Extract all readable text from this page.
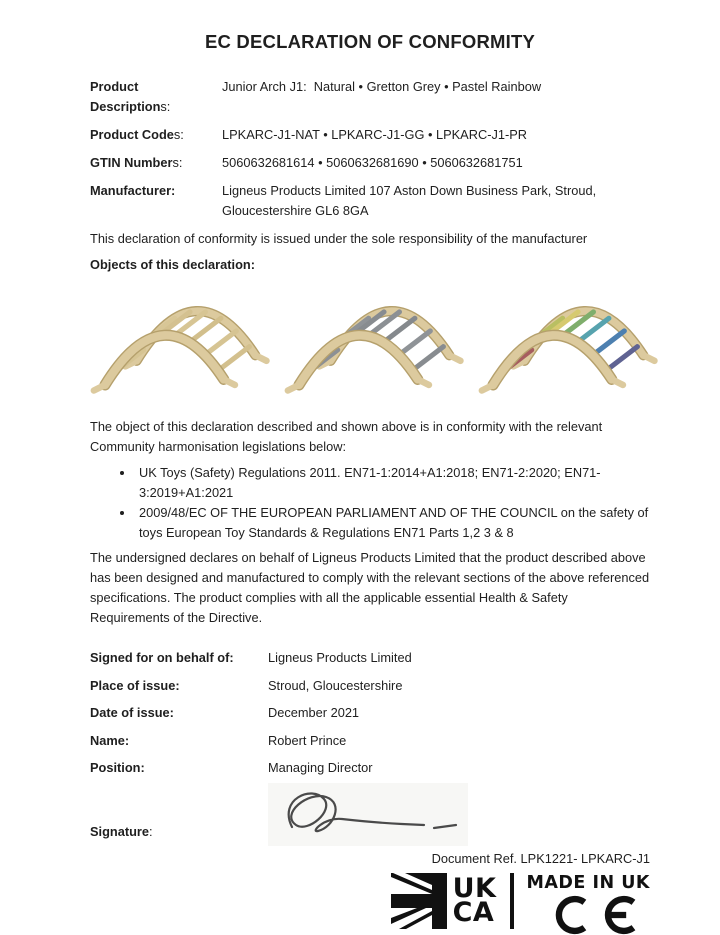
EC DECLARATION OF CONFORMITY
Product Descriptions:
Junior Arch J1:  Natural • Gretton Grey • Pastel Rainbow
Product Codes:	LPKARC-J1-NAT • LPKARC-J1-GG • LPKARC-J1-PR
GTIN Numbers:	5060632681614 • 5060632681690 • 5060632681751
Manufacturer:	Ligneus Products Limited 107 Aston Down Business Park, Stroud, Gloucestershire GL6 8GA

This declaration of conformity is issued under the sole responsibility of the manufacturer

Objects of this declaration:

The object of this declaration described and shown above is in conformity with the relevant Community harmonisation legislations below:

• UK Toys (Safety) Regulations 2011. EN71-1:2014+A1:2018; EN71-2:2020; EN71-3:2019+A1:2021
• 2009/48/EC OF THE EUROPEAN PARLIAMENT AND OF THE COUNCIL on the safety of toys European Toy Standards & Regulations EN71 Parts 1,2 3 & 8

The undersigned declares on behalf of Ligneus Products Limited that the product described above has been designed and manufactured to comply with the relevant sections of the above referenced specifications. The product complies with all the applicable essential Health & Safety Requirements of the Directive.

Signed for on behalf of:	Ligneus Products Limited
Place of issue:	Stroud, Gloucestershire
Date of issue:	December 2021
Name:	Robert Prince
Position:	Managing Director
Signature:
Document Ref. LPK1221- LPKARC-J1
UK
CA
MADE IN UK
